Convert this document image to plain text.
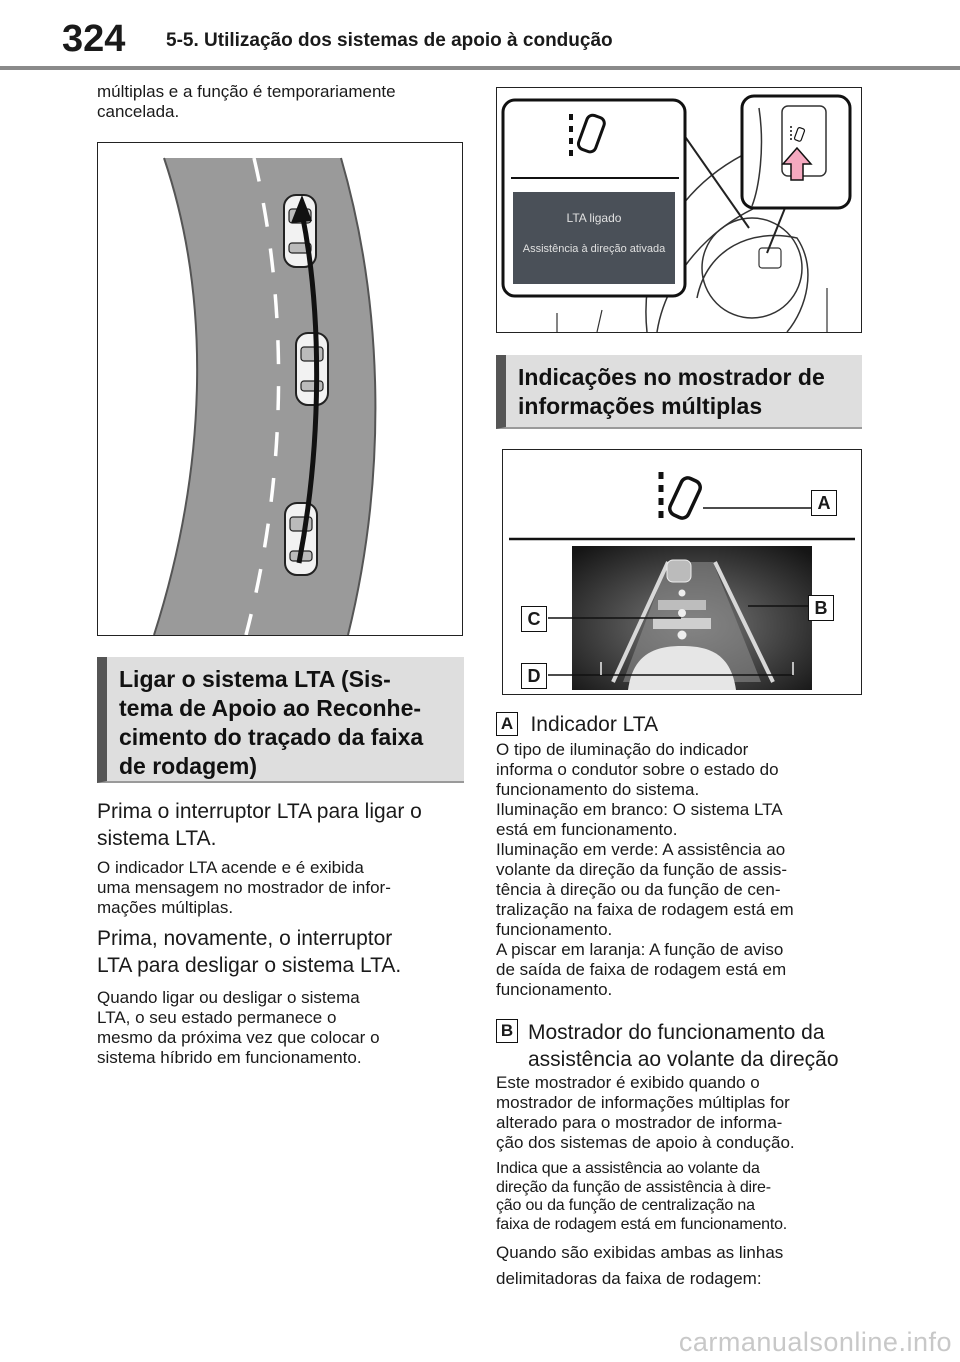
324 5-5. Utilização dos sistemas de apoio à condução

múltiplas e a função é temporariamente

cancelada.

Ligar o sistema LTA (Sis-
tema de Apoio ao Reconhe-
cimento do traçado da faixa
de rodagem)

Prima o interruptor LTA para ligar o

sistema LTA.

O indicador LTA acende e é exibida

uma mensagem no mostrador de infor-

mações múltiplas.

Prima, novamente, o interruptor

LTA para desligar o sistema LTA.

Quando ligar ou desligar o sistema

LTA, o seu estado permanece o

mesmo da próxima vez que colocar o

sistema híbrido em funcionamento.

LTA ligado
Assistência à direção ativada
Indicações no mostrador de
informações múltiplas
A
B
C
D
A Indicador LTA

O tipo de iluminação do indicador

informa o condutor sobre o estado do

funcionamento do sistema.

Iluminação em branco: O sistema LTA

está em funcionamento.

Iluminação em verde: A assistência ao

volante da direção da função de assis-

tência à direção ou da função de cen-

tralização na faixa de rodagem está em

funcionamento.

A piscar em laranja: A função de aviso

de saída de faixa de rodagem está em

funcionamento.

B Mostrador do funcionamento da
assistência ao volante da direção

Este mostrador é exibido quando o

mostrador de informações múltiplas for

alterado para o mostrador de informa-

ção dos sistemas de apoio à condução.

Indica que a assistência ao volante da

direção da função de assistência à dire-

ção ou da função de centralização na

faixa de rodagem está em funcionamento.

Quando são exibidas ambas as linhas

delimitadoras da faixa de rodagem:

carmanualsonline.info
